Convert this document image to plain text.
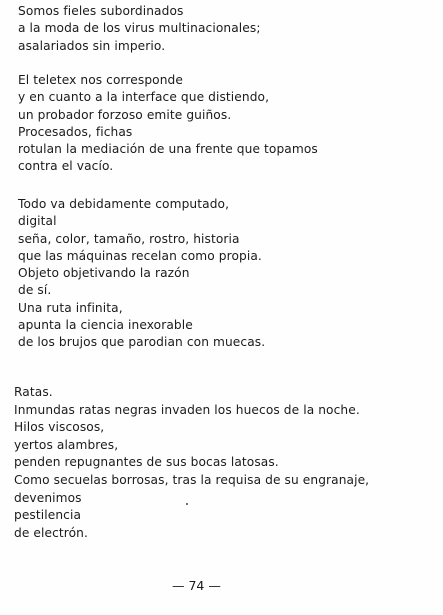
Somos fieles subordinados
a la moda de los virus multinacionales;
asalariados sin imperio.
El teletex nos corresponde
y en cuanto a la interface que distiendo,
un probador forzoso emite guiños.
Procesados, fichas
rotulan la mediación de una frente que topamos
contra el vacío.
Todo va debidamente computado,
digital
seña, color, tamaño, rostro, historia
que las máquinas recelan como propia.
Objeto objetivando la razón
de sí.
Una ruta infinita,
apunta la ciencia inexorable
de los brujos que parodian con muecas.
Ratas.
Inmundas ratas negras invaden los huecos de la noche.
Hilos viscosos,
yertos alambres,
penden repugnantes de sus bocas latosas.
Como secuelas borrosas, tras la requisa de su engranaje,
devenimos
pestilencia
de electrón.
— 74 —
